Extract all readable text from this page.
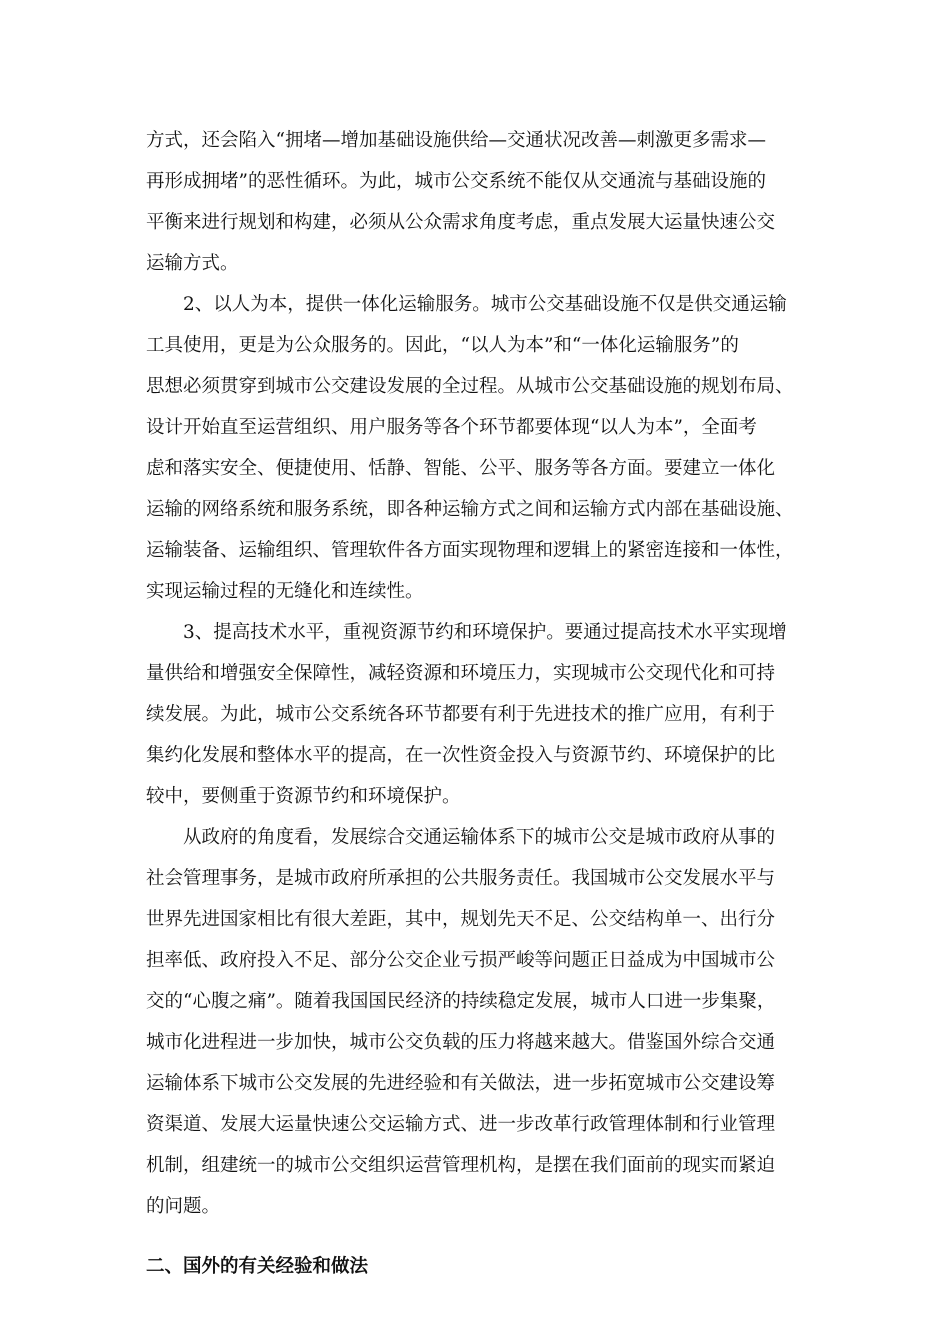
方式，还会陷入“拥堵—增加基础设施供给—交通状况改善—刺激更多需求—
再形成拥堵”的恶性循环。为此，城市公交系统不能仅从交通流与基础设施的
平衡来进行规划和构建，必须从公众需求角度考虑，重点发展大运量快速公交
运输方式。
2、以人为本，提供一体化运输服务。城市公交基础设施不仅是供交通运输
工具使用，更是为公众服务的。因此，“以人为本”和“一体化运输服务”的
思想必须贯穿到城市公交建设发展的全过程。从城市公交基础设施的规划布局、
设计开始直至运营组织、用户服务等各个环节都要体现“以人为本”，全面考
虑和落实安全、便捷使用、恬静、智能、公平、服务等各方面。要建立一体化
运输的网络系统和服务系统，即各种运输方式之间和运输方式内部在基础设施、
运输装备、运输组织、管理软件各方面实现物理和逻辑上的紧密连接和一体性，
实现运输过程的无缝化和连续性。
3、提高技术水平，重视资源节约和环境保护。要通过提高技术水平实现增
量供给和增强安全保障性，减轻资源和环境压力，实现城市公交现代化和可持
续发展。为此，城市公交系统各环节都要有利于先进技术的推广应用，有利于
集约化发展和整体水平的提高，在一次性资金投入与资源节约、环境保护的比
较中，要侧重于资源节约和环境保护。
从政府的角度看，发展综合交通运输体系下的城市公交是城市政府从事的
社会管理事务，是城市政府所承担的公共服务责任。我国城市公交发展水平与
世界先进国家相比有很大差距，其中，规划先天不足、公交结构单一、出行分
担率低、政府投入不足、部分公交企业亏损严峻等问题正日益成为中国城市公
交的“心腹之痛”。随着我国国民经济的持续稳定发展，城市人口进一步集聚，
城市化进程进一步加快，城市公交负载的压力将越来越大。借鉴国外综合交通
运输体系下城市公交发展的先进经验和有关做法，进一步拓宽城市公交建设筹
资渠道、发展大运量快速公交运输方式、进一步改革行政管理体制和行业管理
机制，组建统一的城市公交组织运营管理机构，是摆在我们面前的现实而紧迫
的问题。
二、国外的有关经验和做法
